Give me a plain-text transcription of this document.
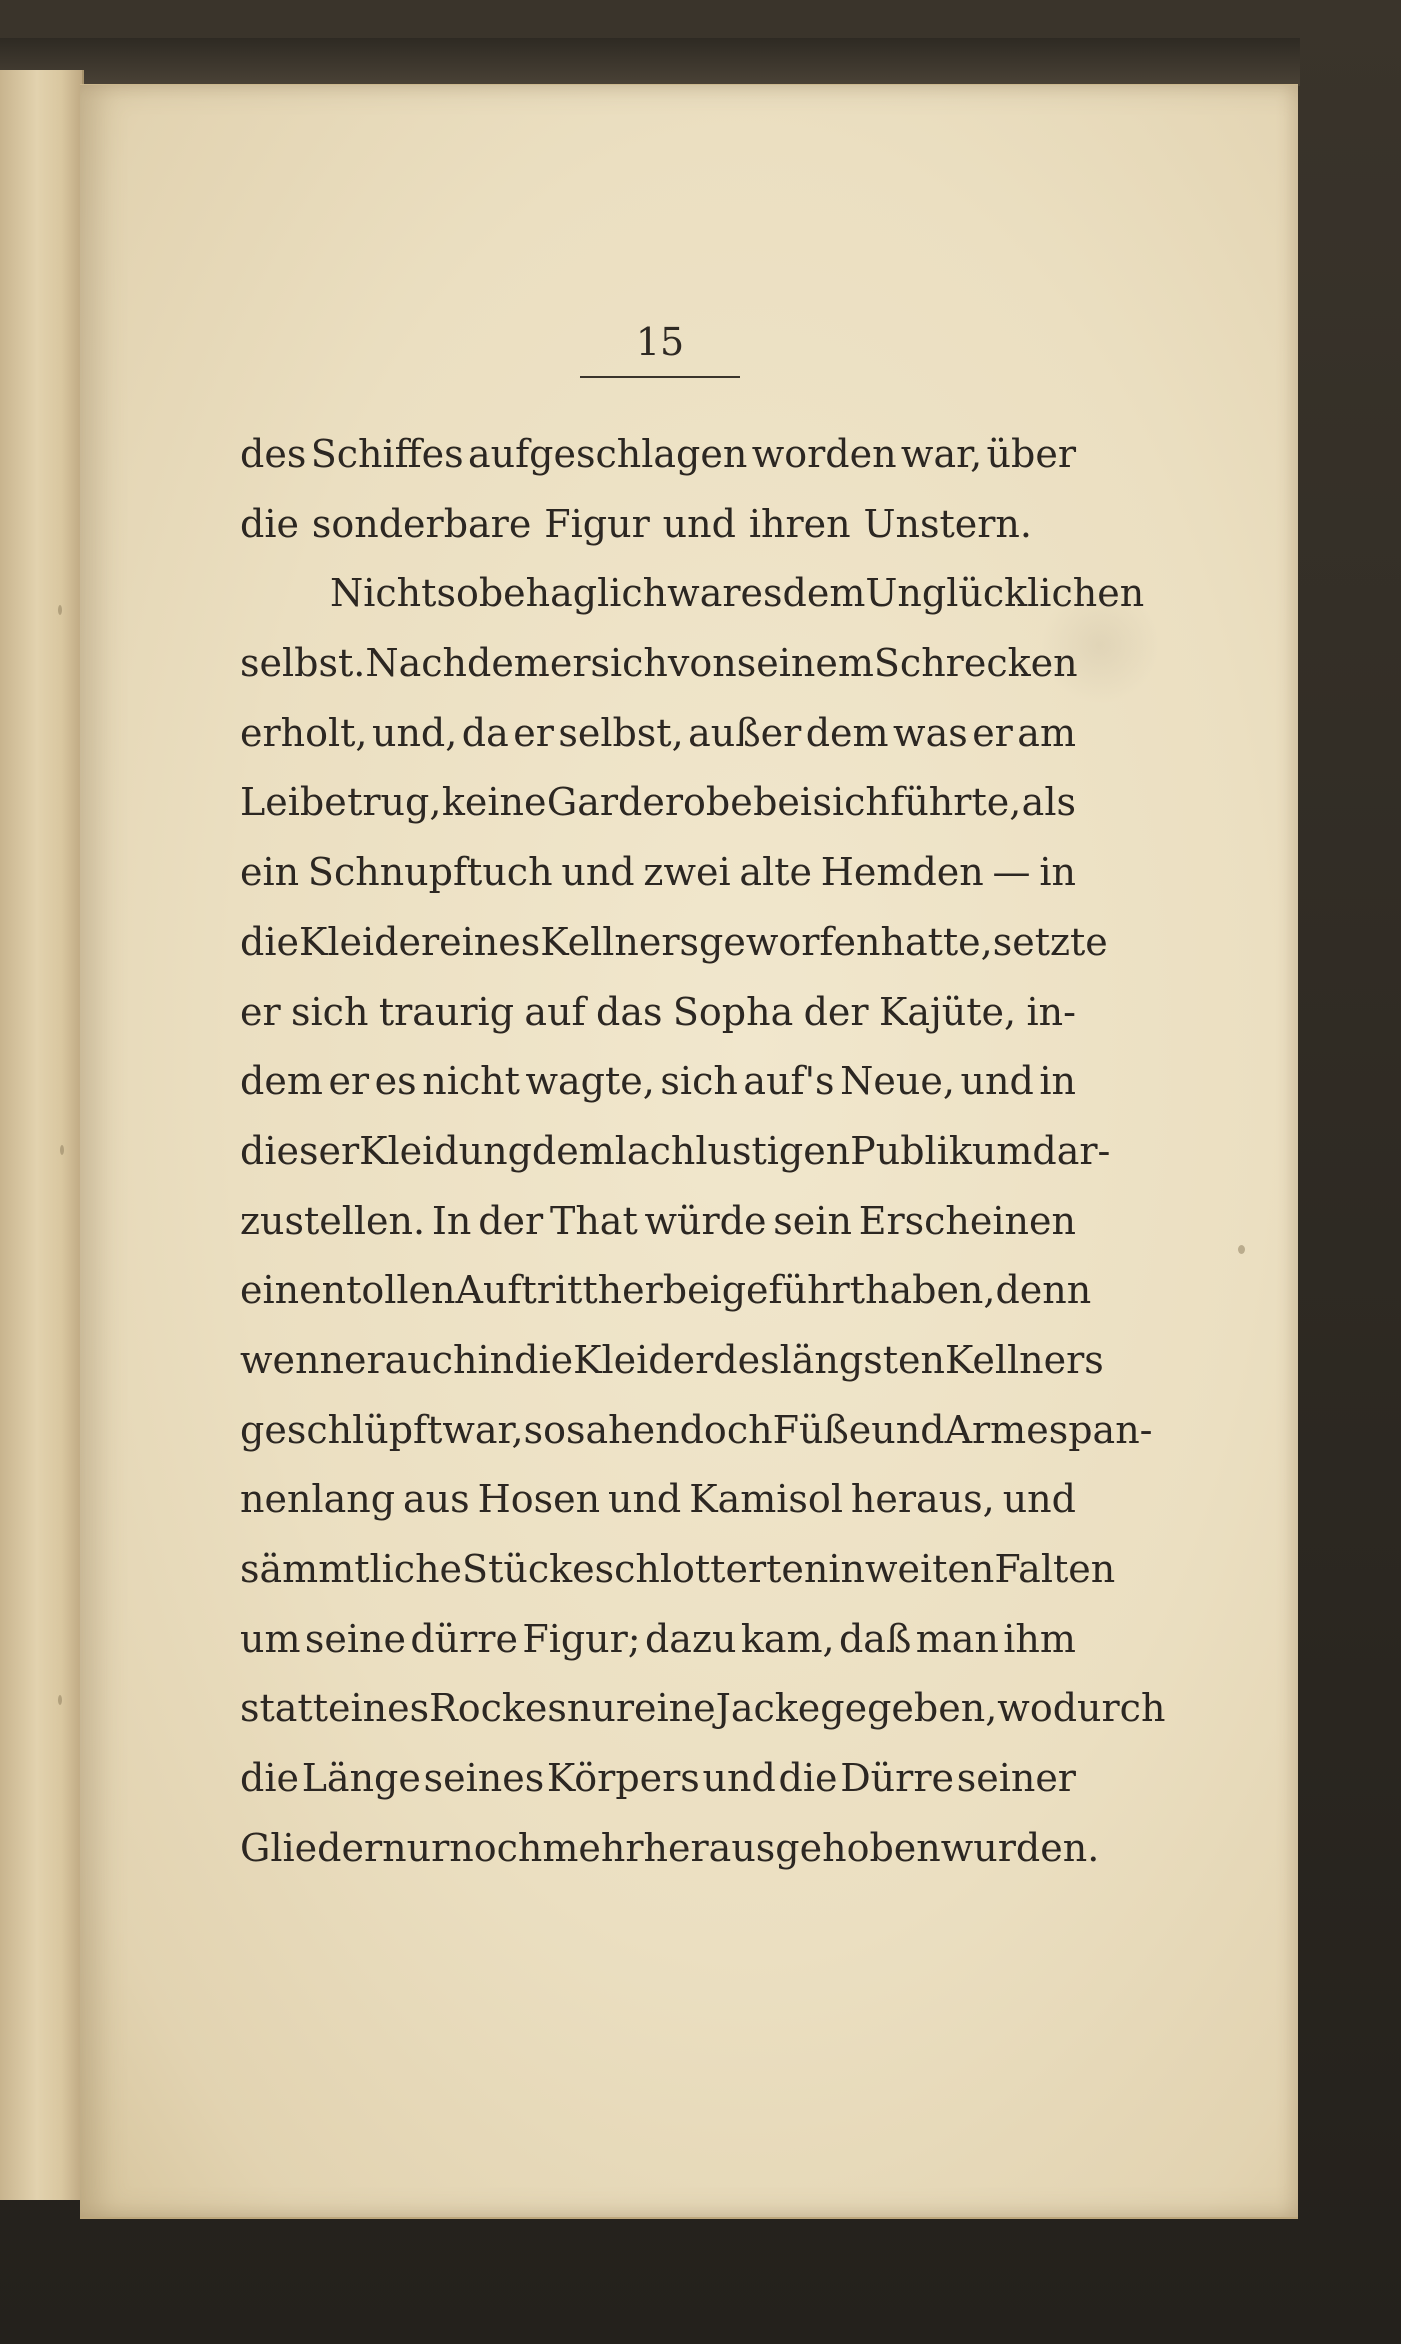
15
des Schiffes aufgeschlagen worden war, über
die sonderbare Figur und ihren Unstern.
Nicht so behaglich war es dem Unglücklichen
selbst. Nachdem er sich von seinem Schrecken
erholt, und, da er selbst, außer dem was er am
Leibe trug, keine Garderobe bei sich führte, als
ein Schnupftuch und zwei alte Hemden — in
die Kleider eines Kellners geworfen hatte, setzte
er sich traurig auf das Sopha der Kajüte, in-
dem er es nicht wagte, sich auf's Neue, und in
dieser Kleidung dem lachlustigen Publikum dar-
zustellen. In der That würde sein Erscheinen
einen tollen Auftritt herbeigeführt haben, denn
wenn er auch in die Kleider des längsten Kellners
geschlüpft war, so sahen doch Füße und Arme span-
nenlang aus Hosen und Kamisol heraus, und
sämmtliche Stücke schlotterten in weiten Falten
um seine dürre Figur; dazu kam, daß man ihm
statt eines Rockes nur eine Jacke gegeben, wodurch
die Länge seines Körpers und die Dürre seiner
Glieder nur noch mehr herausgehoben wurden.
